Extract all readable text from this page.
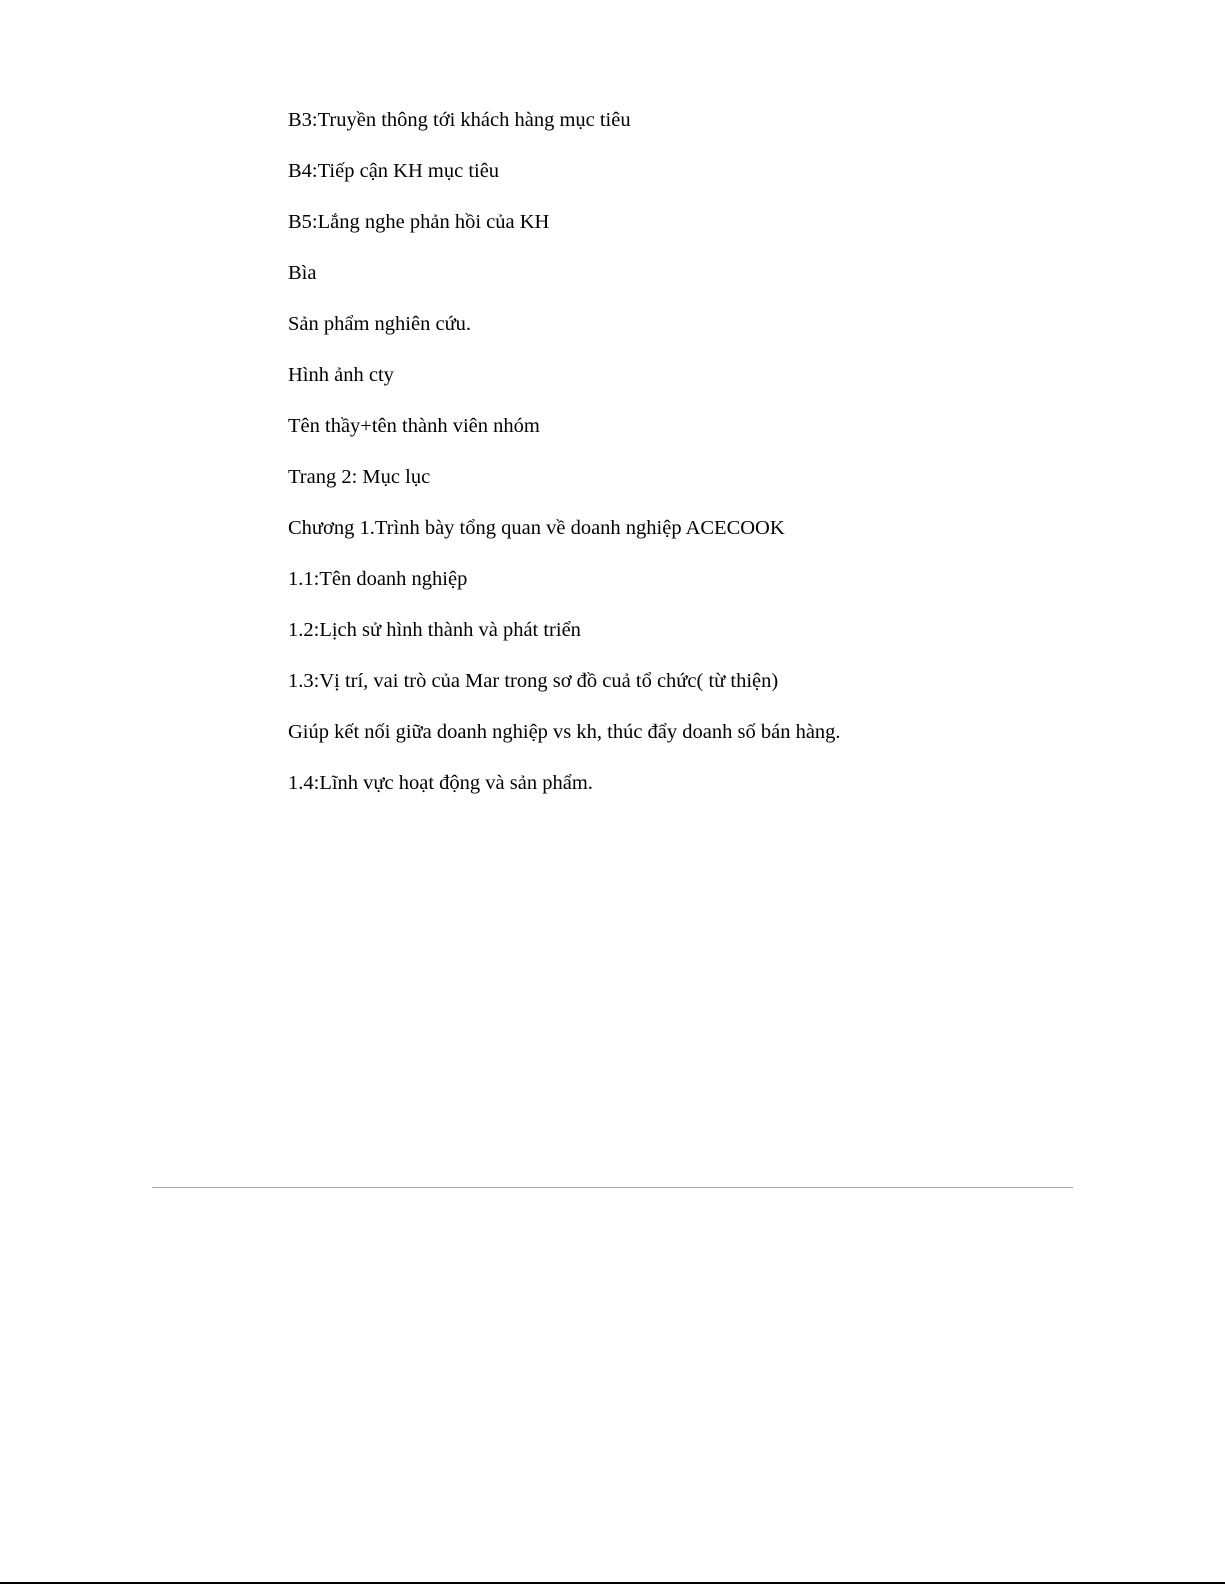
B3:Truyền thông tới khách hàng mục tiêu
B4:Tiếp cận KH mục tiêu
B5:Lắng nghe phản hồi của KH
Bìa
Sản phẩm nghiên cứu.
Hình ảnh cty
Tên thầy+tên thành viên nhóm
Trang 2: Mục lục
Chương 1.Trình bày tổng quan về doanh nghiệp ACECOOK
1.1:Tên doanh nghiệp
1.2:Lịch sử hình thành và phát triển
1.3:Vị trí, vai trò của Mar trong sơ đồ cuả tổ chức( từ thiện)
Giúp kết nối giữa doanh nghiệp vs kh, thúc đẩy doanh số bán hàng.
1.4:Lĩnh vực hoạt động và sản phẩm.
